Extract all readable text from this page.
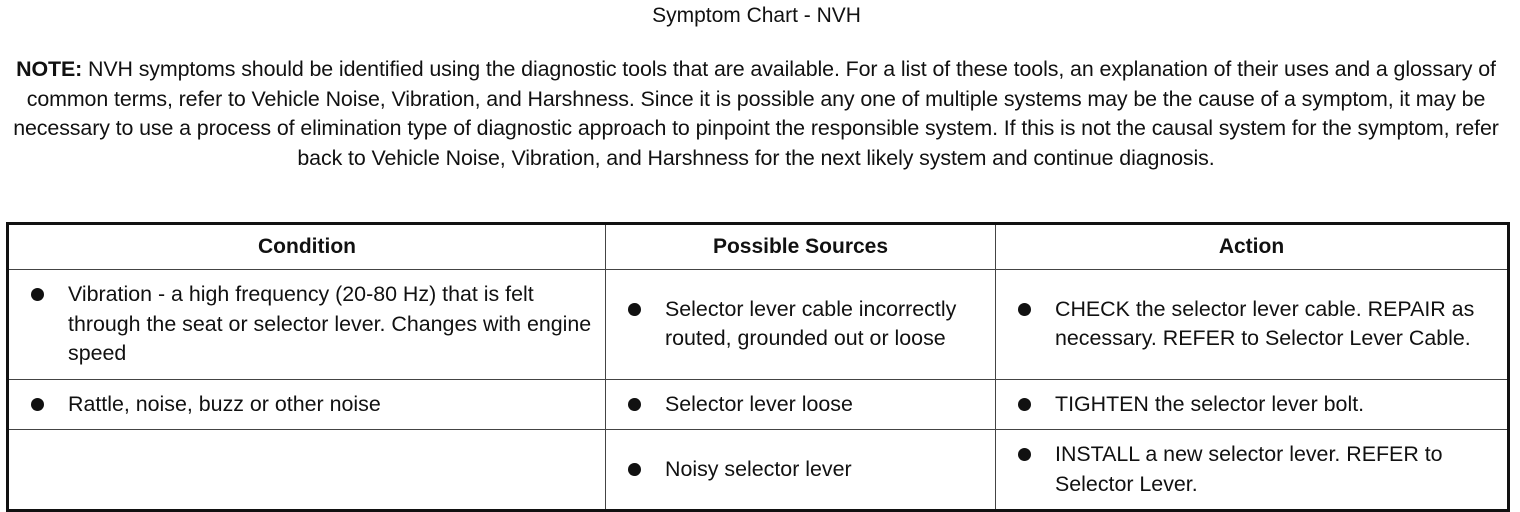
Symptom Chart - NVH
NOTE: NVH symptoms should be identified using the diagnostic tools that are available. For a list of these tools, an explanation of their uses and a glossary of common terms, refer to Vehicle Noise, Vibration, and Harshness. Since it is possible any one of multiple systems may be the cause of a symptom, it may be necessary to use a process of elimination type of diagnostic approach to pinpoint the responsible system. If this is not the causal system for the symptom, refer back to Vehicle Noise, Vibration, and Harshness for the next likely system and continue diagnosis.
Condition	Possible Sources	Action

Vibration - a high frequency (20-80 Hz) that is felt through the seat or selector lever. Changes with engine speed	Selector lever cable incorrectly routed, grounded out or loose	CHECK the selector lever cable. REPAIR as necessary. REFER to Selector Lever Cable.

Rattle, noise, buzz or other noise	Selector lever loose	TIGHTEN the selector lever bolt.

	Noisy selector lever	INSTALL a new selector lever. REFER to Selector Lever.
